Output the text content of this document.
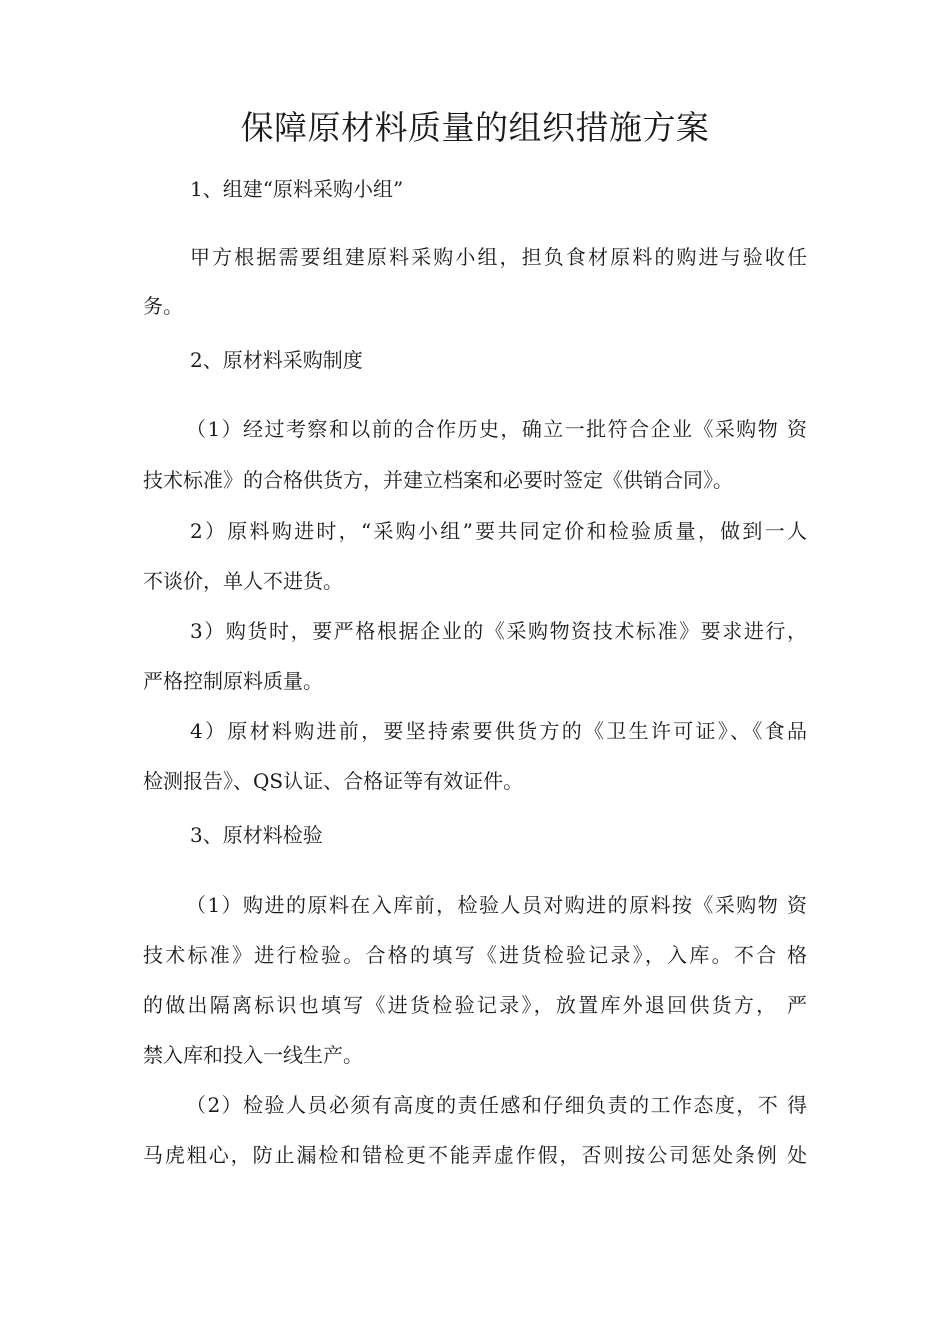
保障原材料质量的组织措施方案
1、组建“原料采购小组”
甲方根据需要组建原料采购小组，担负食材原料的购进与验收任
务。
2、原材料采购制度
（1）经过考察和以前的合作历史，确立一批符合企业《采购物 资
技术标准》的合格供货方，并建立档案和必要时签定《供销合同》。
2）原料购进时，“采购小组”要共同定价和检验质量，做到一人
不谈价，单人不进货。
3）购货时，要严格根据企业的《采购物资技术标准》要求进行，
严格控制原料质量。
4）原材料购进前，要坚持索要供货方的《卫生许可证》、《食品
检测报告》、QS认证、合格证等有效证件。
3、原材料检验
（1）购进的原料在入库前，检验人员对购进的原料按《采购物 资
技术标准》进行检验。合格的填写《进货检验记录》，入库。不合 格
的做出隔离标识也填写《进货检验记录》，放置库外退回供货方， 严
禁入库和投入一线生产。
（2）检验人员必须有高度的责任感和仔细负责的工作态度，不 得
马虎粗心，防止漏检和错检更不能弄虚作假，否则按公司惩处条例 处
